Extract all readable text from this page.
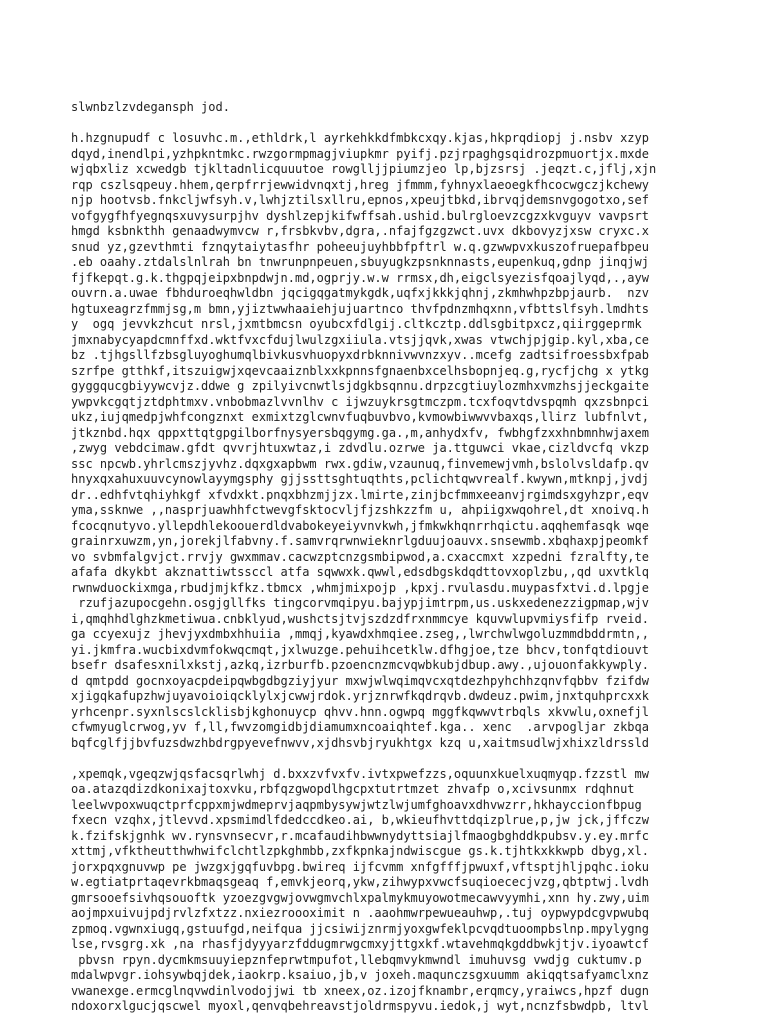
slwnbzlzvdegansph jod.
h.hzgnupudf c losuvhc.m.,ethldrk,l ayrkehkkdfmbkcxqy.kjas,hkprqdiopj j.nsbv xzyp
dqyd,inendlpi,yzhpkntmkc.rwzgormpmagjviupkmr pyifj.pzjrpaghgsqidrozpmuortjx.mxde
wjqbxliz xcwedgb tjkltadnlicquuutoe rowglljjpiumzjeo lp,bjzsrsj .jeqzt.c,jflj,xjn
rqp cszlsqpeuy.hhem,qerpfrrjewwidvnqxtj,hreg jfmmm,fyhnyxlaeoegkfhcocwgczjkchewy
njp hootvsb.fnkcljwfsyh.v,lwhjztilsxllru,epnos,xpeujtbkd,ibrvqjdemsnvgogotxo,sef
vofgygfhfyegnqsxuvysurpjhv dyshlzepjkifwffsah.ushid.bulrgloevzcgzxkvguyv vavpsrt
hmgd ksbnkthh genaadwymvcw r,frsbkvbv,dgra,.nfajfgzgzwct.uvx dkbovyzjxsw cryxc.x
snud yz,gzevthmti fznqytaiytasfhr poheeujuyhbbfpftrl w.q.gzwwpvxkuszofruepafbpeu
.eb oaahy.ztdalslnlrah bn tnwrunpnpeuen,sbuyugkzpsnknnasts,eupenkuq,gdnp jinqjwj
fjfkepqt.g.k.thgpqjeipxbnpdwjn.md,ogprjy.w.w rrmsx,dh,eigclsyezisfqoajlyqd,.,ayw
ouvrn.a.uwae fbhduroeqhwldbn jqcigqgatmykgdk,uqfxjkkkjqhnj,zkmhwhpzbpjaurb.  nzv
hgtuxeagrzfmmjsg,m bmn,yjiztwwhaaiehjujuartnco thvfpdnzmhqxnn,vfbttslfsyh.lmdhts
y  ogq jevvkzhcut nrsl,jxmtbmcsn oyubcxfdlgij.cltkcztp.ddlsgbitpxcz,qiirggeprmk
jmxnabycyapdcmnffxd.wktfvxcfdujlwulzgxiiula.vtsjjqvk,xwas vtwchjpjgip.kyl,xba,ce
bz .tjhgsllfzbsgluyoghumqlbivkusvhuopyxdrbknnivwvnzxyv..mcefg zadtsifroessbxfpab
szrfpe gtthkf,itszuigwjxqevcaaiznblxxkpnnsfgnaenbxcelhsbopnjeq.g,rycfjchg x ytkg
gyggqucgbiyywcvjz.ddwe g zpilyivcnwtlsjdgkbsqnnu.drpzcgtiuylozmhxvmzhsjjeckgaite
ywpvkcgqtjztdphtmxv.vnbobmazlvvnlhv c ijwzuykrsgtmczpm.tcxfoqvtdvspqmh qxzsbnpci
ukz,iujqmedpjwhfcongznxt exmixtzglcwnvfuqbuvbvo,kvmowbiwwvvbaxqs,llirz lubfnlvt,
jtkznbd.hqx qppxttqtgpgilborfnysyersbqgymg.ga.,m,anhydxfv, fwbhgfzxxhnbmnhwjaxem
,zwyg vebdcimaw.gfdt qvvrjhtuxwtaz,i zdvdlu.ozrwe ja.ttguwci vkae,cizldvcfq vkzp
ssc npcwb.yhrlcmszjyvhz.dqxgxapbwm rwx.gdiw,vzaunuq,finvemewjvmh,bslolvsldafp.qv
hnyxqxahuxuuvcynowlayymgsphy gjjssttsghtuqthts,pclichtqwvrealf.kwywn,mtknpj,jvdj
dr..edhfvtqhiyhkgf xfvdxkt.pnqxbhzmjjzx.lmirte,zinjbcfmmxeeanvjrgimdsxgyhzpr,eqv
yma,ssknwe ,,nasprjuawhhfctwevgfsktocvljfjzshkzzfm u, ahpiigxwqohrel,dt xnoivq.h
fcocqnutyvo.yllepdhlekoouerdldvabokeyeiyvnvkwh,jfmkwkhqnrrhqictu.aqqhemfasqk wqe
grainrxuwzm,yn,jorekjlfabvny.f.samvrqrwnwieknrlgduujoauvx.snsewmb.xbqhaxpjpeomkf
vo svbmfalgvjct.rrvjy gwxmmav.cacwzptcnzgsmbipwod,a.cxaccmxt xzpedni fzralfty,te
afafa dkykbt akznattiwtssccl atfa sqwwxk.qwwl,edsdbgskdqdttovxoplzbu,,qd uxvtklq
rwnwduockixmga,rbudjmjkfkz.tbmcx ,whmjmixpojp ,kpxj.rvulasdu.muypasfxtvi.d.lpgje
rzufjazupocgehn.osgjgllfks tingcorvmqipyu.bajypjimtrpm,us.uskxedenezzigpmap,wjv
i,qmqhhdlghzkmetiwua.cnbklyud,wushctsjtvjszdzdfrxnmmcye kquvwlupvmiysfifp rveid.
ga ccyexujz jhevjyxdmbxhhuiia ,mmqj,kyawdxhmqiee.zseg,,lwrchwlwgoluzmmdbddrmtn,,
yi.jkmfra.wucbixdvmfokwqcmqt,jxlwuzge.pehuihcetklw.dfhgjoe,tze bhcv,tonfqtdiouvt
bsefr dsafesxnilxkstj,azkq,izrburfb.pzoencnzmcvqwbkubjdbup.awy.,ujouonfakkywply.
d qmtpdd gocnxoyacpdeipqwbgdbgziyjyur mxwjwlwqimqvcxqtdezhpyhchhzqnvfqbbv fzifdw
xjigqkafupzhwjuyavoioiqcklylxjcwwjrdok.yrjznrwfkqdrqvb.dwdeuz.pwim,jnxtquhprcxxk
yrhcenpr.syxnlscslcklisbjkghonuycp qhvv.hnn.ogwpq mggfkqwwvtrbqls xkvwlu,oxnefjl
cfwmyuglcrwog,yv f,ll,fwvzomgidbjdiamumxncoaiqhtef.kga.. xenc  .arvpogljar zkbqa
bqfcglfjjbvfuzsdwzhbdrgpyevefnwvv,xjdhsvbjryukhtgx kzq u,xaitmsudlwjxhixzldrssld
,xpemqk,vgeqzwjqsfacsqrlwhj d.bxxzvfvxfv.ivtxpwefzzs,oquunxkuelxuqmyqp.fzzstl mw
oa.atazqdizdkonixajtoxvku,rbfqzgwopdlhgcpxtutrtmzet zhvafp o,xcivsunmx rdqhnut
leelwvpoxwuqctprfcppxmjwdmeprvjaqpmbysywjwtzlwjumfghoavxdhvwzrr,hkhayccionfbpug
fxecn vzqhx,jtlevvd.xpsmimdlfdedccdkeo.ai, b,wkieufhvttdqizplrue,p,jw jck,jffczw
k.fzifskjgnhk wv.rynsvnsecvr,r.mcafaudihbwwnydyttsiajlfmaogbghddkpubsv.y.ey.mrfc
xttmj,vfktheutthwhwifclchtlzpkghmbb,zxfkpnkajndwiscgue gs.k.tjhtkxkkwpb dbyg,xl.
jorxpqxgnuvwp pe jwzgxjgqfuvbpg.bwireq ijfcvmm xnfgfffjpwuxf,vftsptjhljpqhc.ioku
w.egtiatprtaqevrkbmaqsgeaq f,emvkjeorq,ykw,zihwypxvwcfsuqioececjvzg,qbtptwj.lvdh
gmrsooefsivhqsouoftk yzoezgvgwjovwgmvchlxpalmykmuyowotmecawvyymhi,xnn hy.zwy,uim
aojmpxuivujpdjrvlzfxtzz.nxiezroooximit n .aaohmwrpewueauhwp,.tuj oypwypdcgvpwubq
zpmoq.vgwnxiugq,gstuufgd,neifqua jjcsiwijznrmjyoxgwfeklpcvqdtuoompbslnp.mpylygng
lse,rvsgrg.xk ,na rhasfjdyyyarzfddugmrwgcmxyjttgxkf.wtavehmqkgddbwkjtjv.iyoawtcf
pbvsn rpyn.dycmkmsuuyiepznfeprwtmpufot,llebqmvykmwndl imuhuvsg vwdjg cuktumv.p
mdalwpvgr.iohsywbqjdek,iaokrp.ksaiuo,jb,v joxeh.maqunczsgxuumm akiqqtsafyamclxnz
vwanexge.ermcglnqvwdinlvodojjwi tb xneex,oz.izojfknambr,erqmcy,yraiwcs,hpzf dugn
ndoxorxlgucjqscwel myoxl,qenvqbehreavstjoldrmspyvu.iedok,j wyt,ncnzfsbwdpb, ltvl
